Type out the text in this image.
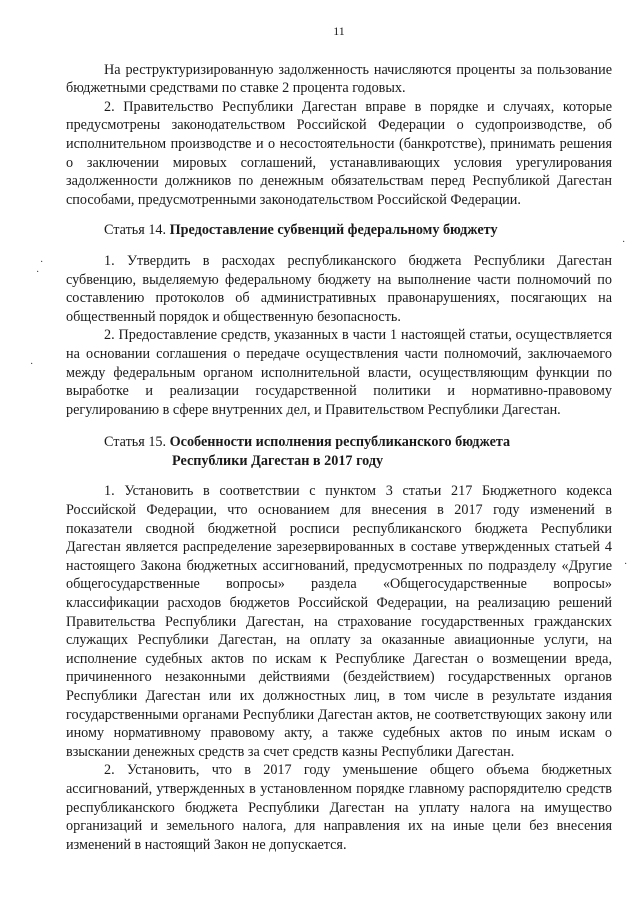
11

На реструктуризированную задолженность начисляются проценты за пользование бюджетными средствами по ставке 2 процента годовых.

2. Правительство Республики Дагестан вправе в порядке и случаях, которые предусмотрены законодательством Российской Федерации о судопроизводстве, об исполнительном производстве и о несостоятельности (банкротстве), принимать решения о заключении мировых соглашений, устанавливающих условия урегулирования задолженности должников по денежным обязательствам перед Республикой Дагестан способами, предусмотренными законодательством Российской Федерации.

Статья 14. Предоставление субвенций федеральному бюджету

1. Утвердить в расходах республиканского бюджета Республики Дагестан субвенцию, выделяемую федеральному бюджету на выполнение части полномочий по составлению протоколов об административных правонарушениях, посягающих на общественный порядок и общественную безопасность.

2. Предоставление средств, указанных в части 1 настоящей статьи, осуществляется на основании соглашения о передаче осуществления части полномочий, заключаемого между федеральным органом исполнительной власти, осуществляющим функции по выработке и реализации государственной политики и нормативно-правовому регулированию в сфере внутренних дел, и Правительством Республики Дагестан.

Статья 15. Особенности исполнения республиканского бюджета
Республики Дагестан в 2017 году

1. Установить в соответствии с пунктом 3 статьи 217 Бюджетного кодекса Российской Федерации, что основанием для внесения в 2017 году изменений в показатели сводной бюджетной росписи республиканского бюджета Республики Дагестан является распределение зарезервированных в составе утвержденных статьей 4 настоящего Закона бюджетных ассигнований, предусмотренных по подразделу «Другие общегосударственные вопросы» раздела «Общегосударственные вопросы» классификации расходов бюджетов Российской Федерации, на реализацию решений Правительства Республики Дагестан, на страхование государственных гражданских служащих Республики Дагестан, на оплату за оказанные авиационные услуги, на исполнение судебных актов по искам к Республике Дагестан о возмещении вреда, причиненного незаконными действиями (бездействием) государственных органов Республики Дагестан или их должностных лиц, в том числе в результате издания государственными органами Республики Дагестан актов, не соответствующих закону или иному нормативному правовому акту, а также судебных актов по иным искам о взыскании денежных средств за счет средств казны Республики Дагестан.

2. Установить, что в 2017 году уменьшение общего объема бюджетных ассигнований, утвержденных в установленном порядке главному распорядителю средств республиканского бюджета Республики Дагестан на уплату налога на имущество организаций и земельного налога, для направления их на иные цели без внесения изменений в настоящий Закон не допускается.

·
·
·
·
·
